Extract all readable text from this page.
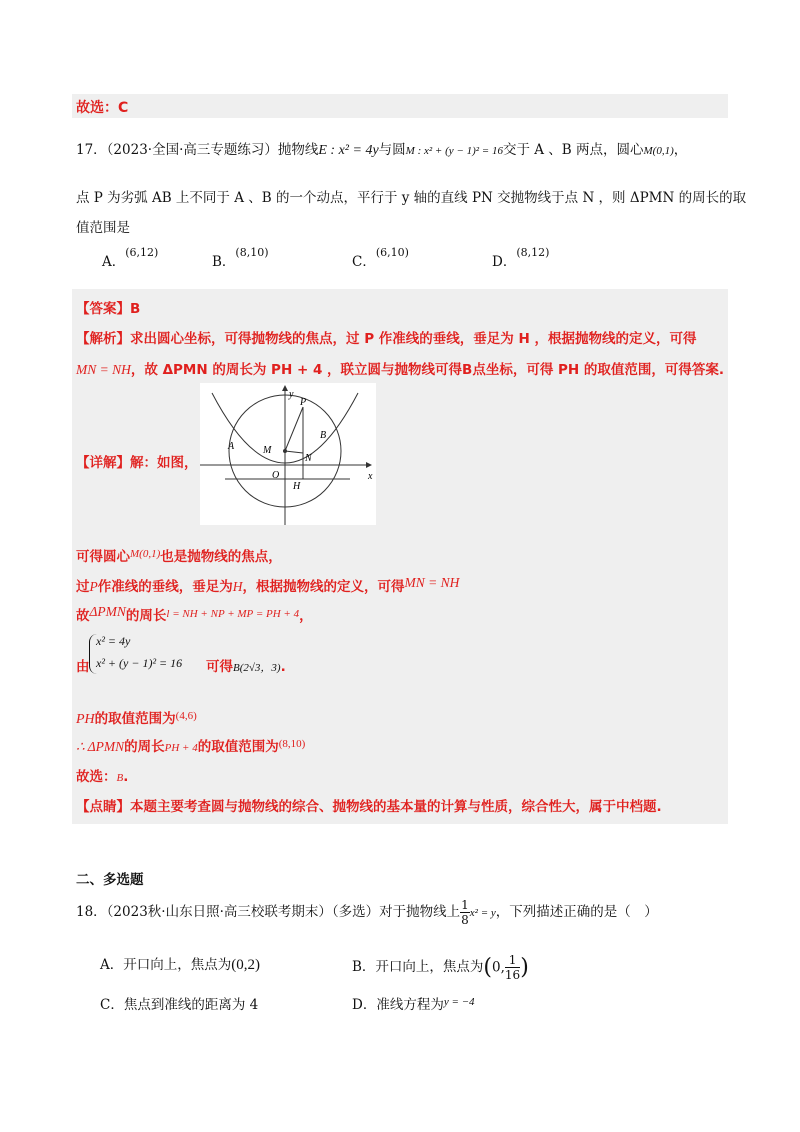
故选：C
17．（2023·全国·高三专题练习）抛物线E : x² = 4y与圆M : x² + (y − 1)² = 16交于 A 、B 两点，圆心M(0,1)，
点 P 为劣弧 AB 上不同于 A 、B 的一个动点，平行于 y 轴的直线 PN 交抛物线于点 N ，则 ΔPMN 的周长的取
值范围是
A．$^{(6,12)}$
B．$^{(8,10)}$
C．$^{(6,10)}$
D．$^{(8,12)}$
【答案】B
【解析】求出圆心坐标，可得抛物线的焦点，过 P 作准线的垂线，垂足为 H ，根据抛物线的定义，可得
MN = NH，故 ΔPMN 的周长为 PH + 4 ，联立圆与抛物线可得B点坐标，可得 PH 的取值范围，可得答案.
y
x
P
B
A	M
N
O
H
【详解】解：如图，
可得圆心$^{M(0,1)}$也是抛物线的焦点，
过P作准线的垂线，垂足为H，根据抛物线的定义，可得MN = NH
故ΔPMN的周长$^{l = NH + NP + MP = PH + 4}$，
x² = 4y
x² + (y − 1)² = 16
由	可得B(2√3，3).
PH的取值范围为$^{(4,6)}$
∴ ΔPMN的周长PH + 4的取值范围为$^{(8,10)}$
故选：B.
【点睛】本题主要考查圆与抛物线的综合、抛物线的基本量的计算与性质，综合性大，属于中档题.
二、多选题
18．（2023秋·山东日照·高三校联考期末）（多选）对于抛物线上 $\frac{1}{8} x^2 = y$，下列描述正确的是（　）
A．开口向上，焦点为(0,2)	B．开口向上，焦点为(0, $\frac{1}{16}$ )
C．焦点到准线的距离为 4	D．准线方程为$^{y = -4}$
